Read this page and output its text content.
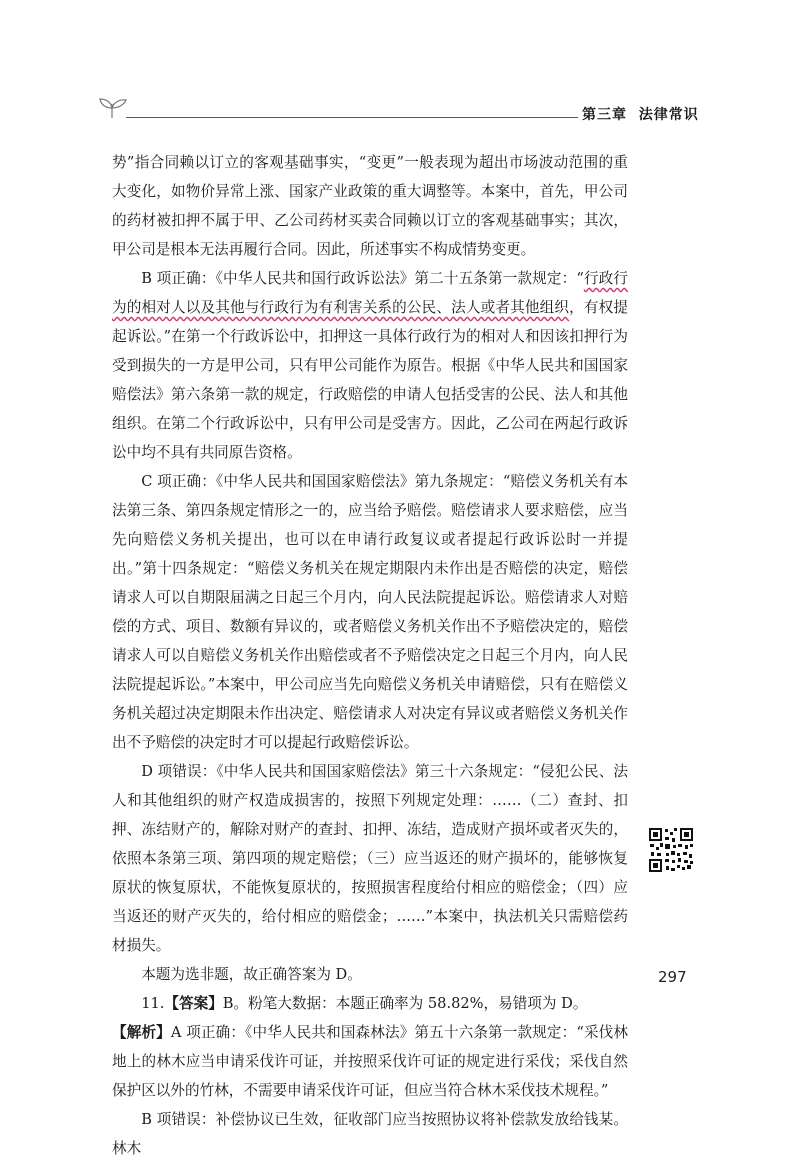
第三章 法律常识

势”指合同赖以订立的客观基础事实，“变更”一般表现为超出市场波动范围的重大变化，如物价异常上涨、国家产业政策的重大调整等。本案中，首先，甲公司的药材被扣押不属于甲、乙公司药材买卖合同赖以订立的客观基础事实；其次，甲公司是根本无法再履行合同。因此，所述事实不构成情势变更。

B 项正确：《中华人民共和国行政诉讼法》第二十五条第一款规定：“行政行为的相对人以及其他与行政行为有利害关系的公民、法人或者其他组织，有权提起诉讼。”在第一个行政诉讼中，扣押这一具体行政行为的相对人和因该扣押行为受到损失的一方是甲公司，只有甲公司能作为原告。根据《中华人民共和国国家赔偿法》第六条第一款的规定，行政赔偿的申请人包括受害的公民、法人和其他组织。在第二个行政诉讼中，只有甲公司是受害方。因此，乙公司在两起行政诉讼中均不具有共同原告资格。

C 项正确：《中华人民共和国国家赔偿法》第九条规定：“赔偿义务机关有本法第三条、第四条规定情形之一的，应当给予赔偿。赔偿请求人要求赔偿，应当先向赔偿义务机关提出，也可以在申请行政复议或者提起行政诉讼时一并提出。”第十四条规定：“赔偿义务机关在规定期限内未作出是否赔偿的决定，赔偿请求人可以自期限届满之日起三个月内，向人民法院提起诉讼。赔偿请求人对赔偿的方式、项目、数额有异议的，或者赔偿义务机关作出不予赔偿决定的，赔偿请求人可以自赔偿义务机关作出赔偿或者不予赔偿决定之日起三个月内，向人民法院提起诉讼。”本案中，甲公司应当先向赔偿义务机关申请赔偿，只有在赔偿义务机关超过决定期限未作出决定、赔偿请求人对决定有异议或者赔偿义务机关作出不予赔偿的决定时才可以提起行政赔偿诉讼。

D 项错误：《中华人民共和国国家赔偿法》第三十六条规定：“侵犯公民、法人和其他组织的财产权造成损害的，按照下列规定处理：……（二）查封、扣押、冻结财产的，解除对财产的查封、扣押、冻结，造成财产损坏或者灭失的，依照本条第三项、第四项的规定赔偿；（三）应当返还的财产损坏的，能够恢复原状的恢复原状，不能恢复原状的，按照损害程度给付相应的赔偿金；（四）应当返还的财产灭失的，给付相应的赔偿金；……”本案中，执法机关只需赔偿药材损失。

本题为选非题，故正确答案为 D。

11.【答案】B。粉笔大数据：本题正确率为 58.82%，易错项为 D。

【解析】A 项正确：《中华人民共和国森林法》第五十六条第一款规定：“采伐林地上的林木应当申请采伐许可证，并按照采伐许可证的规定进行采伐；采伐自然保护区以外的竹林，不需要申请采伐许可证，但应当符合林木采伐技术规程。”

B 项错误：补偿协议已生效，征收部门应当按照协议将补偿款发放给钱某。林木

297
